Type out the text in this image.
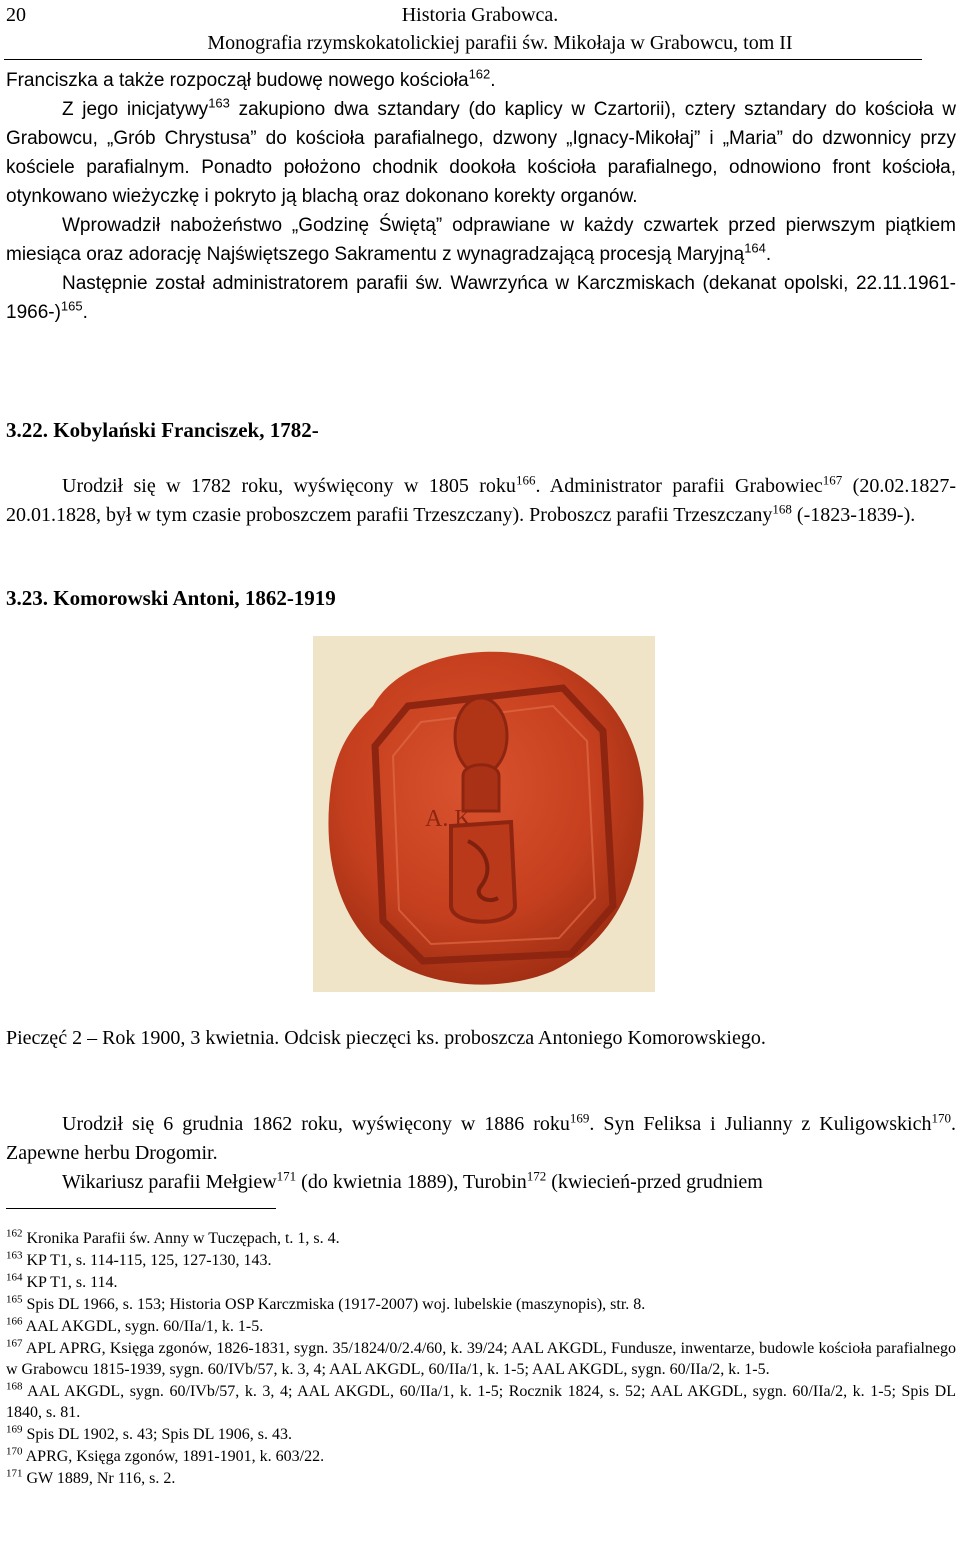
20	Historia Grabowca.
Monografia rzymskokatolickiej parafii św. Mikołaja w Grabowcu, tom II

Franciszka a także rozpoczął budowę nowego kościoła$^{162}$.

Z jego inicjatywy$^{163}$ zakupiono dwa sztandary (do kaplicy w Czartorii), cztery sztandary do kościoła w Grabowcu, „Grób Chrystusa” do kościoła parafialnego, dzwony „Ignacy-Mikołaj” i „Maria” do dzwonnicy przy kościele parafialnym. Ponadto położono chodnik dookoła kościoła parafialnego, odnowiono front kościoła, otynkowano wieżyczkę i pokryto ją blachą oraz dokonano korekty organów.

Wprowadził nabożeństwo „Godzinę Świętą” odprawiane w każdy czwartek przed pierwszym piątkiem miesiąca oraz adorację Najświętszego Sakramentu z wynagradzającą procesją Maryjną$^{164}$.

Następnie został administratorem parafii św. Wawrzyńca w Karczmiskach (dekanat opolski, 22.11.1961-1966-)$^{165}$.

3.22. Kobylański Franciszek, 1782-

Urodził się w 1782 roku, wyświęcony w 1805 roku$^{166}$. Administrator parafii Grabowiec$^{167}$ (20.02.1827-20.01.1828, był w tym czasie proboszczem parafii Trzeszczany). Proboszcz parafii Trzeszczany$^{168}$ (-1823-1839-).

3.23. Komorowski Antoni, 1862-1919
A. K.

Pieczęć 2 – Rok 1900, 3 kwietnia. Odcisk pieczęci ks. proboszcza Antoniego Komorowskiego.

Urodził się 6 grudnia 1862 roku, wyświęcony w 1886 roku$^{169}$. Syn Feliksa i Julianny z Kuligowskich$^{170}$. Zapewne herbu Drogomir.

Wikariusz parafii Mełgiew$^{171}$ (do kwietnia 1889), Turobin$^{172}$ (kwiecień-przed grudniem

$^{162}$ Kronika Parafii św. Anny w Tuczępach, t. 1, s. 4.

$^{163}$ KP T1, s. 114-115, 125, 127-130, 143.

$^{164}$ KP T1, s. 114.

$^{165}$ Spis DL 1966, s. 153; Historia OSP Karczmiska (1917-2007) woj. lubelskie (maszynopis), str. 8.

$^{166}$ AAL AKGDL, sygn. 60/IIa/1, k. 1-5.

$^{167}$ APL APRG, Księga zgonów, 1826-1831, sygn. 35/1824/0/2.4/60, k. 39/24; AAL AKGDL, Fundusze, inwentarze, budowle kościoła parafialnego w Grabowcu 1815-1939, sygn. 60/IVb/57, k. 3, 4; AAL AKGDL, 60/IIa/1, k. 1-5; AAL AKGDL, sygn. 60/IIa/2, k. 1-5.

$^{168}$ AAL AKGDL, sygn. 60/IVb/57, k. 3, 4; AAL AKGDL, 60/IIa/1, k. 1-5; Rocznik 1824, s. 52; AAL AKGDL, sygn. 60/IIa/2, k. 1-5; Spis DL 1840, s. 81.

$^{169}$ Spis DL 1902, s. 43; Spis DL 1906, s. 43.

$^{170}$ APRG, Księga zgonów, 1891-1901, k. 603/22.

$^{171}$ GW 1889, Nr 116, s. 2.
